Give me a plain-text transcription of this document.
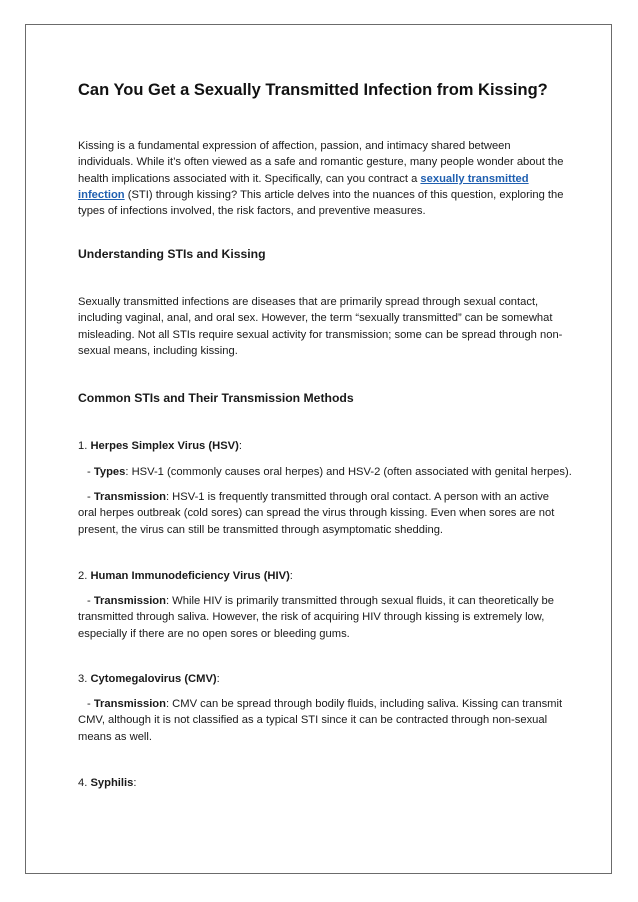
Can You Get a Sexually Transmitted Infection from Kissing?

Kissing is a fundamental expression of affection, passion, and intimacy shared between individuals. While it’s often viewed as a safe and romantic gesture, many people wonder about the health implications associated with it. Specifically, can you contract a sexually transmitted infection (STI) through kissing? This article delves into the nuances of this question, exploring the types of infections involved, the risk factors, and preventive measures.

Understanding STIs and Kissing

Sexually transmitted infections are diseases that are primarily spread through sexual contact, including vaginal, anal, and oral sex. However, the term “sexually transmitted” can be somewhat misleading. Not all STIs require sexual activity for transmission; some can be spread through non-sexual means, including kissing.

Common STIs and Their Transmission Methods

1. Herpes Simplex Virus (HSV):

- Types: HSV-1 (commonly causes oral herpes) and HSV-2 (often associated with genital herpes).

- Transmission: HSV-1 is frequently transmitted through oral contact. A person with an active oral herpes outbreak (cold sores) can spread the virus through kissing. Even when sores are not present, the virus can still be transmitted through asymptomatic shedding.

2. Human Immunodeficiency Virus (HIV):

- Transmission: While HIV is primarily transmitted through sexual fluids, it can theoretically be transmitted through saliva. However, the risk of acquiring HIV through kissing is extremely low, especially if there are no open sores or bleeding gums.

3. Cytomegalovirus (CMV):

- Transmission: CMV can be spread through bodily fluids, including saliva. Kissing can transmit CMV, although it is not classified as a typical STI since it can be contracted through non-sexual means as well.

4. Syphilis:
